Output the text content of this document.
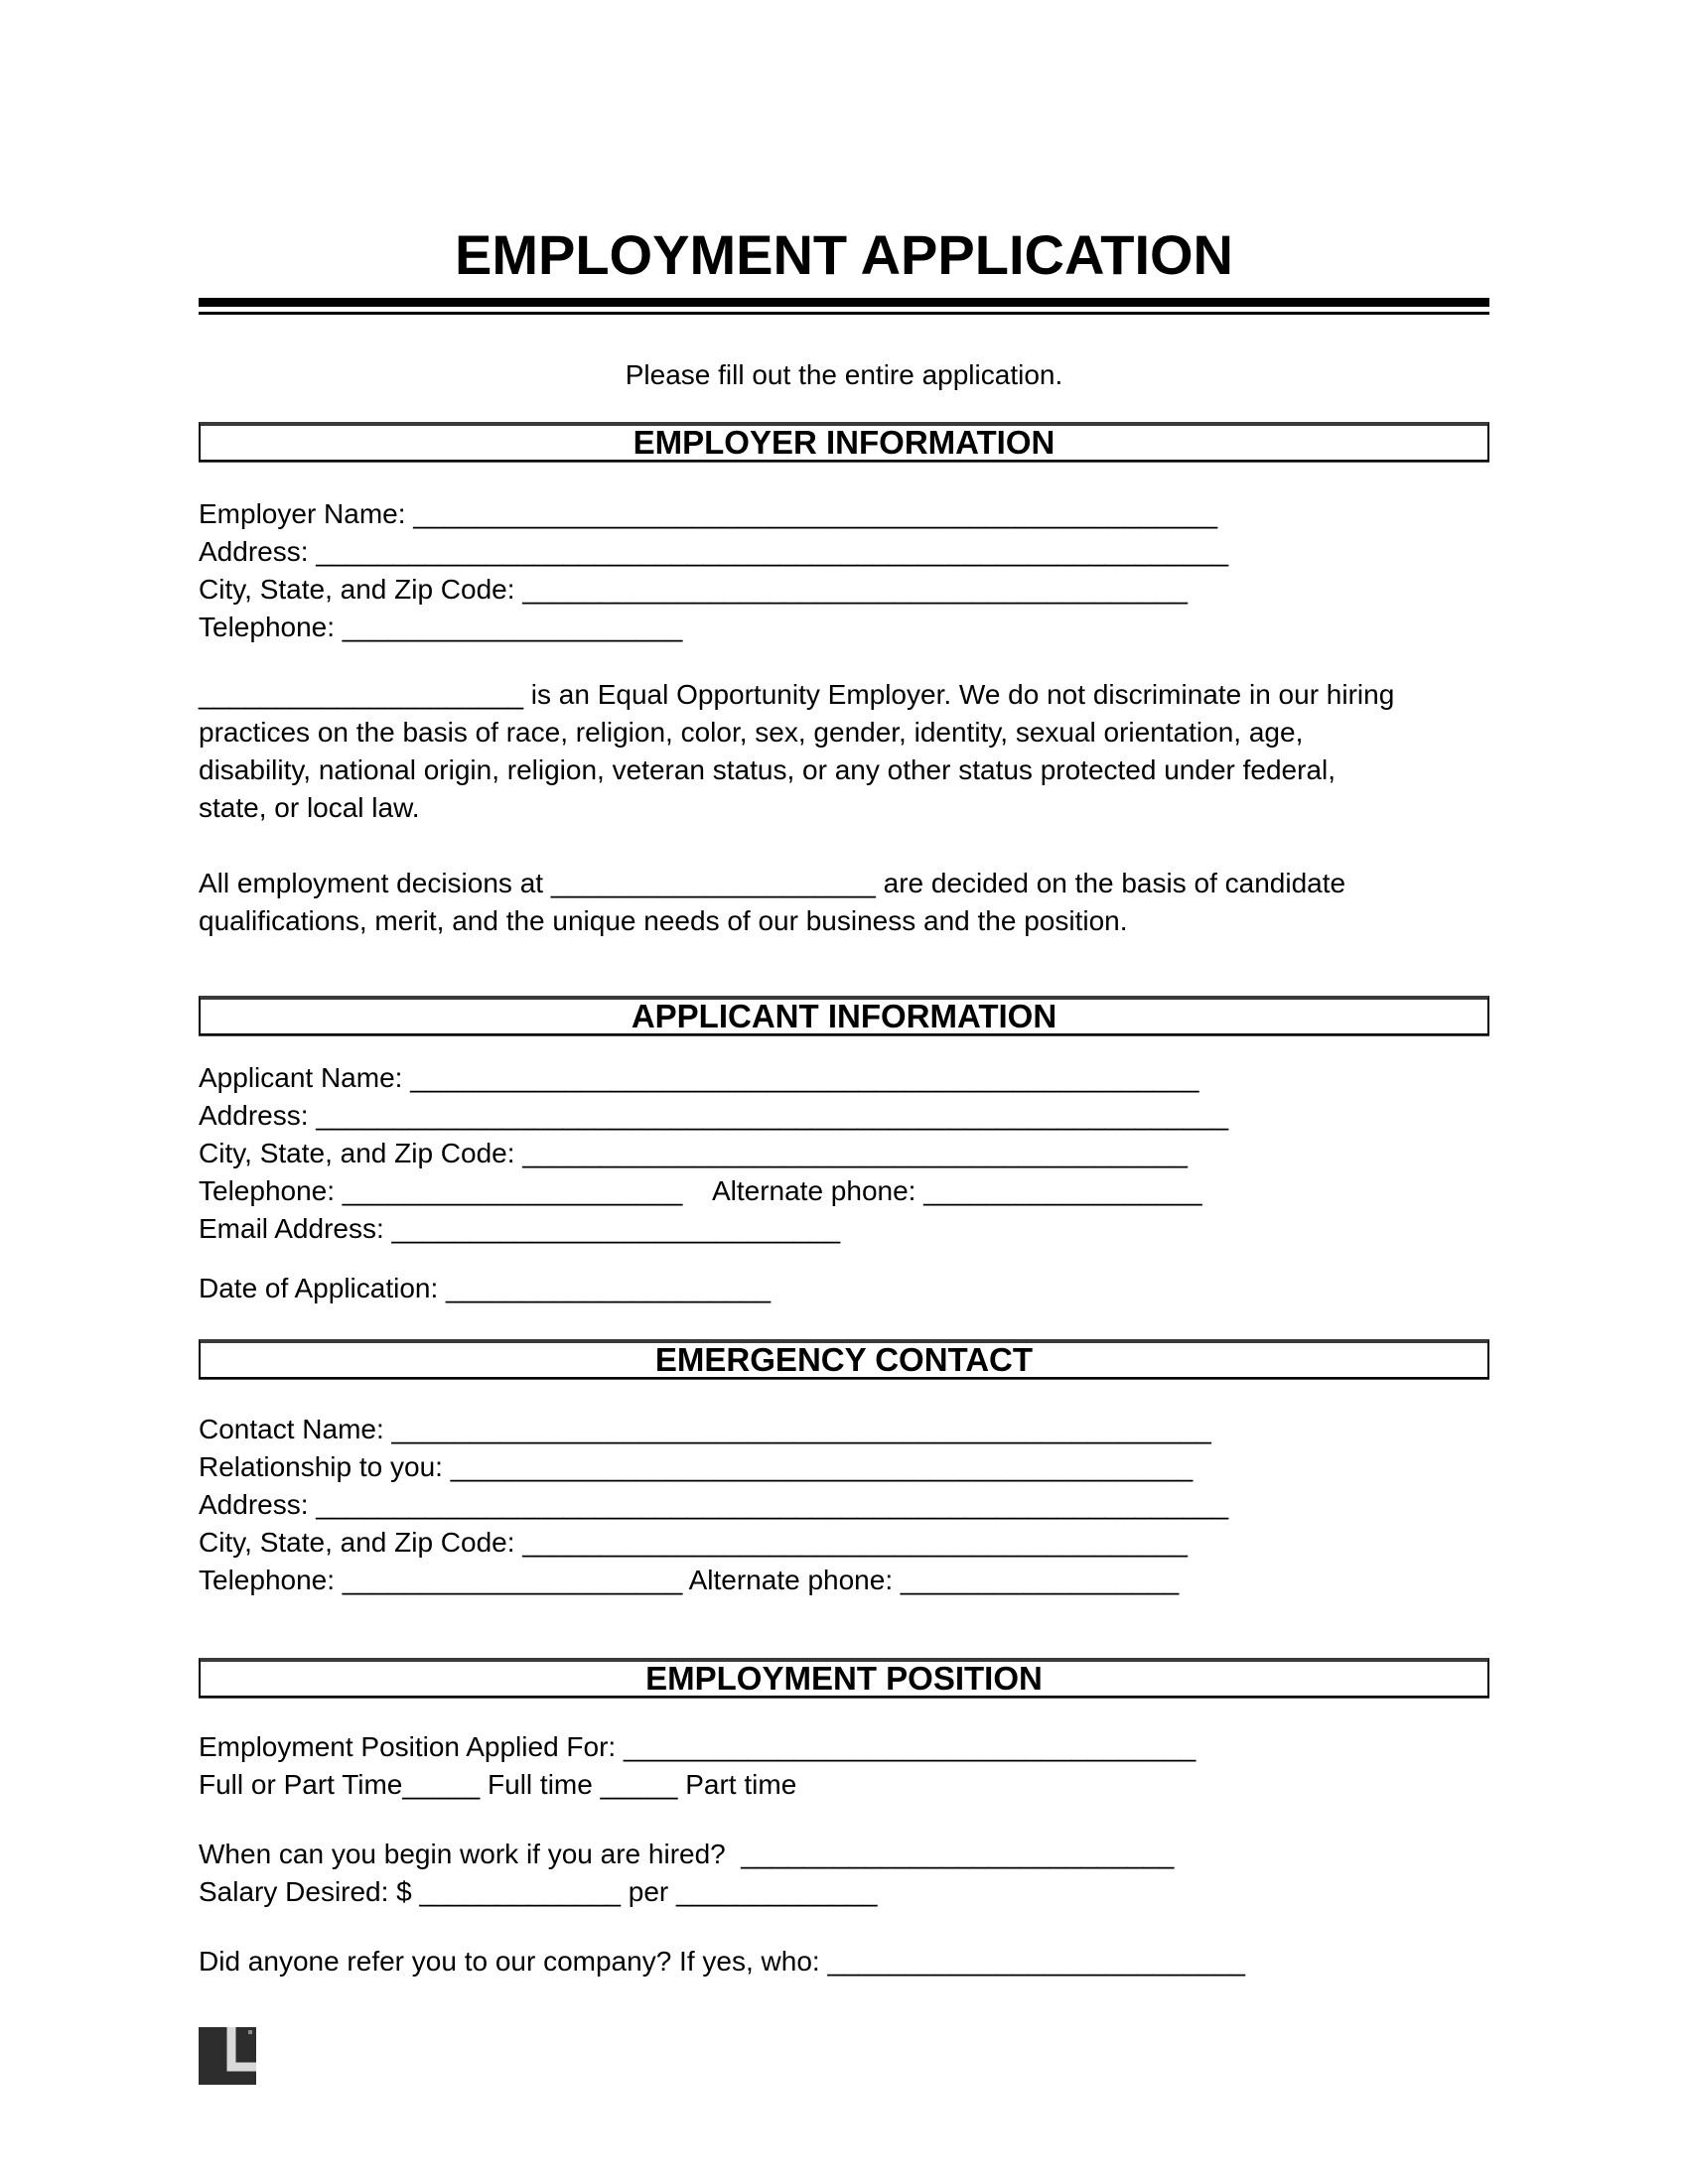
EMPLOYMENT APPLICATION
Please fill out the entire application.
EMPLOYER INFORMATION
Employer Name: ____________________________________________________
Address: ___________________________________________________________
City, State, and Zip Code: ___________________________________________
Telephone: ______________________
_____________________ is an Equal Opportunity Employer. We do not discriminate in our hiring
practices on the basis of race, religion, color, sex, gender, identity, sexual orientation, age,
disability, national origin, religion, veteran status, or any other status protected under federal,
state, or local law.
All employment decisions at _____________________ are decided on the basis of candidate
qualifications, merit, and the unique needs of our business and the position.
APPLICANT INFORMATION
Applicant Name: ___________________________________________________
Address: ___________________________________________________________
City, State, and Zip Code: ___________________________________________
Telephone: ______________________    Alternate phone: __________________
Email Address: _____________________________
Date of Application: _____________________
EMERGENCY CONTACT
Contact Name: _____________________________________________________
Relationship to you: ________________________________________________
Address: ___________________________________________________________
City, State, and Zip Code: ___________________________________________
Telephone: ______________________ Alternate phone: __________________
EMPLOYMENT POSITION
Employment Position Applied For: _____________________________________
Full or Part Time_____ Full time _____ Part time
When can you begin work if you are hired?  ____________________________
Salary Desired: $ _____________ per _____________
Did anyone refer you to our company? If yes, who: ___________________________
